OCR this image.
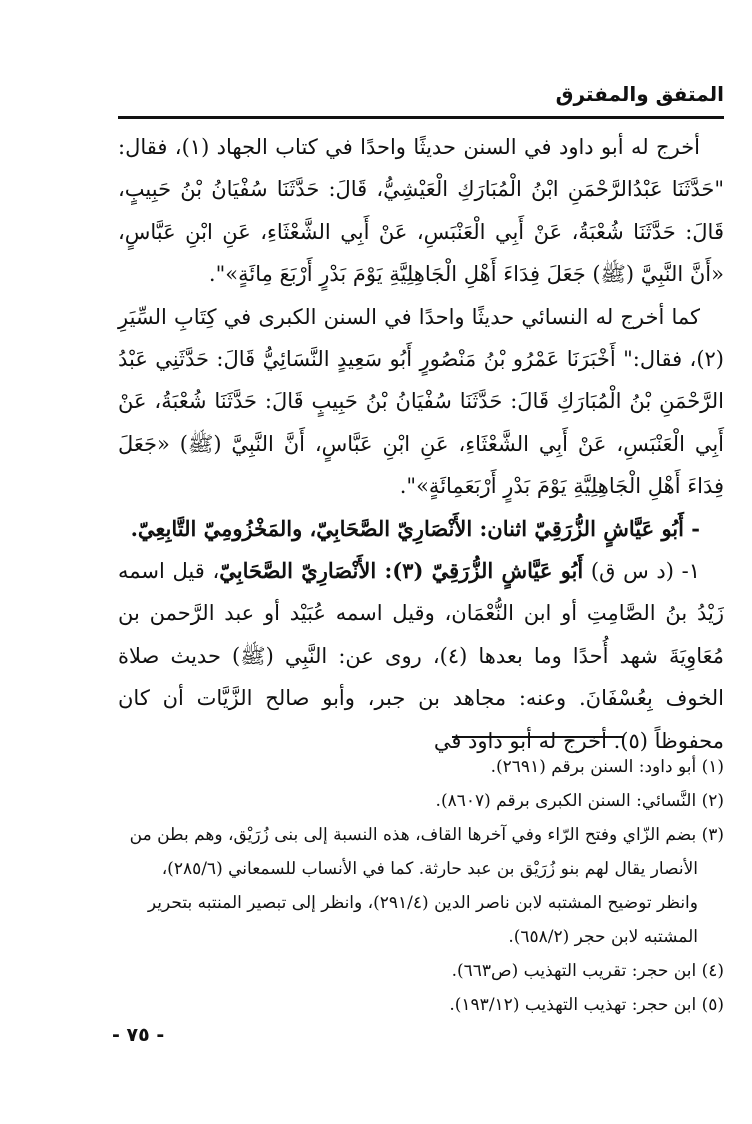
المتفق والمفترق

أخرج له أبو داود في السنن حديثًا واحدًا في كتاب الجهاد (١)، فقال: "حَدَّثَنَا عَبْدُالرَّحْمَنِ ابْنُ الْمُبَارَكِ الْعَيْشِيُّ، قَالَ: حَدَّثَنَا سُفْيَانُ بْنُ حَبِيبٍ، قَالَ: حَدَّثَنَا شُعْبَةُ، عَنْ أَبِي الْعَنْبَسِ، عَنْ أَبِي الشَّعْثَاءِ، عَنِ ابْنِ عَبَّاسٍ، «أَنَّ النَّبِيَّ (ﷺ) جَعَلَ فِدَاءَ أَهْلِ الْجَاهِلِيَّةِ يَوْمَ بَدْرٍ أَرْبَعَ مِائَةٍ»".

كما أخرج له النسائي حديثًا واحدًا في السنن الكبرى في كِتَابِ السِّيَرِ (٢)، فقال:" أَخْبَرَنَا عَمْرُو بْنُ مَنْصُورٍ أَبُو سَعِيدٍ النَّسَائِيُّ قَالَ: حَدَّثَنِي عَبْدُ الرَّحْمَنِ بْنُ الْمُبَارَكِ قَالَ: حَدَّثَنَا سُفْيَانُ بْنُ حَبِيبٍ قَالَ: حَدَّثَنَا شُعْبَةُ، عَنْ أَبِي الْعَنْبَسِ، عَنْ أَبِي الشَّعْثَاءِ، عَنِ ابْنِ عَبَّاسٍ، أَنَّ النَّبِيَّ (ﷺ) «جَعَلَ فِدَاءَ أَهْلِ الْجَاهِلِيَّةِ يَوْمَ بَدْرٍ أَرْبَعَمِائَةٍ»".

- أَبُو عَيَّاشٍ الزُّرَقِيّ اثنان: الأَنْصَارِيّ الصَّحَابِيّ، والمَخْزُومِيّ التَّابِعِيّ.

١- (د س ق) أَبُو عَيَّاشٍ الزُّرَقِيّ (٣): الأَنْصَارِيّ الصَّحَابِيّ، قيل اسمه زَيْدُ بنُ الصَّامِتِ أو ابن النُّعْمَان، وقيل اسمه عُبَيْد أو عبد الرَّحمن بن مُعَاوِيَةَ شهد أُحدًا وما بعدها (٤)، روى عن: النَّبِي (ﷺ) حديث صلاة الخوف بِعُسْفَانَ. وعنه: مجاهد بن جبر، وأبو صالح الزَّيَّات أن كان محفوظاً (٥). أخرج له أبو داود في

(١) أبو داود: السنن برقم (٢٦٩١).

(٢) النَّسائي: السنن الكبرى برقم (٨٦٠٧).

(٣) بضم الزّاي وفتح الرّاء وفي آخرها القاف، هذه النسبة إلى بنى زُرَيْق، وهم بطن من

الأنصار يقال لهم بنو زُرَيْق بن عبد حارثة. كما في الأنساب للسمعاني (٢٨٥/٦)،

وانظر توضيح المشتبه لابن ناصر الدين (٢٩١/٤)، وانظر إلى تبصير المنتبه بتحرير

المشتبه لابن حجر (٦٥٨/٢).

(٤) ابن حجر: تقريب التهذيب (ص٦٦٣).

(٥) ابن حجر: تهذيب التهذيب (١٩٣/١٢).

- ٧٥ -
